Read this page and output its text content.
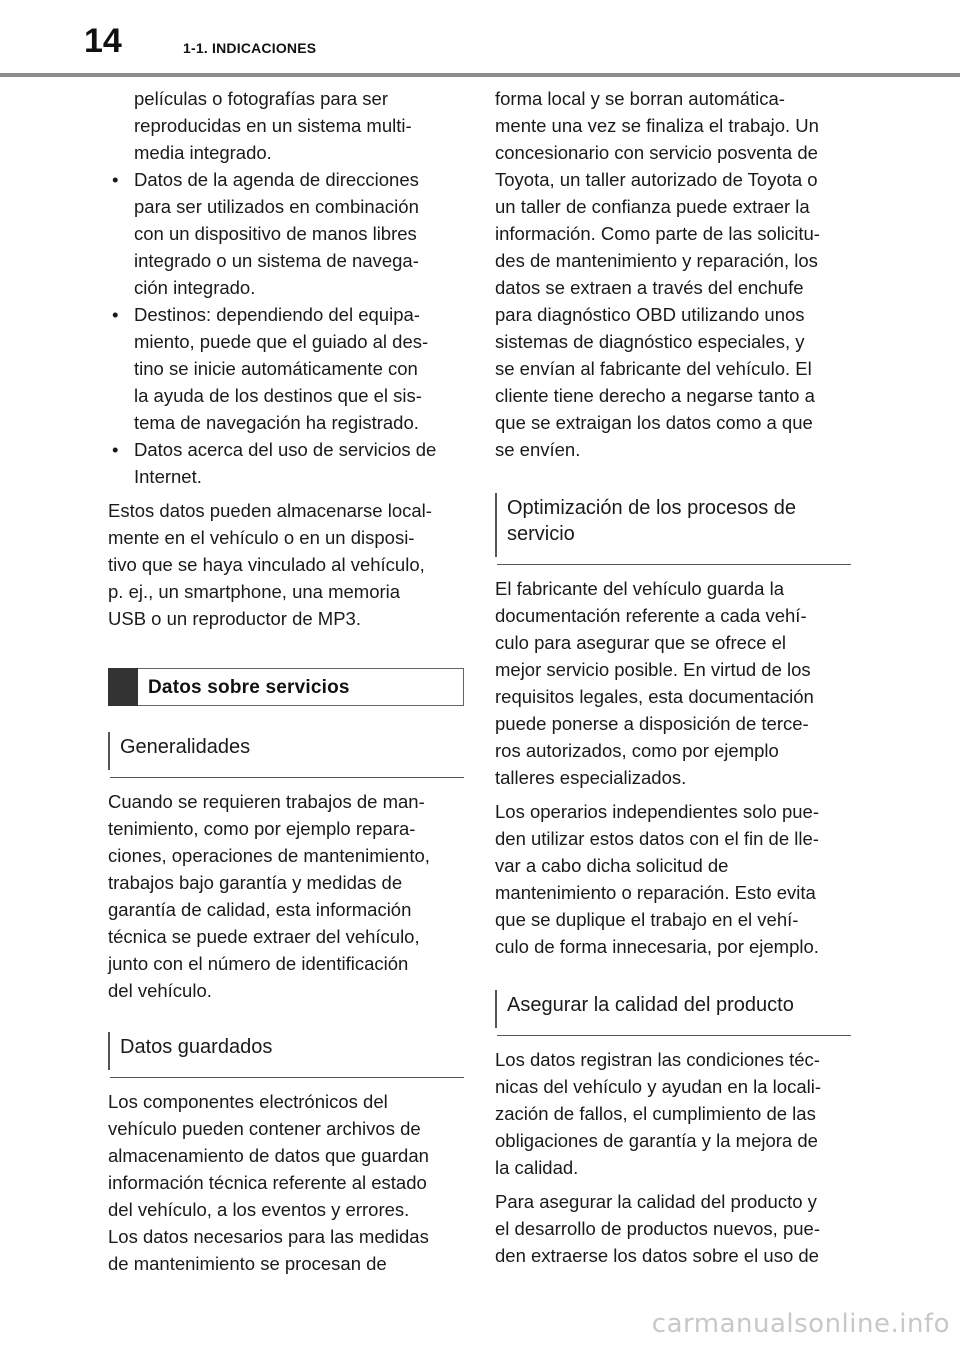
14	1-1. INDICACIONES
películas o fotografías para ser
reproducidas en un sistema multi-
media integrado.
• Datos de la agenda de direcciones
para ser utilizados en combinación
con un dispositivo de manos libres
integrado o un sistema de navega-
ción integrado.
• Destinos: dependiendo del equipa-
miento, puede que el guiado al des-
tino se inicie automáticamente con
la ayuda de los destinos que el sis-
tema de navegación ha registrado.
• Datos acerca del uso de servicios de
Internet.

Estos datos pueden almacenarse local-
mente en el vehículo o en un disposi-
tivo que se haya vinculado al vehículo,
p. ej., un smartphone, una memoria
USB o un reproductor de MP3.

Datos sobre servicios
Generalidades

Cuando se requieren trabajos de man-
tenimiento, como por ejemplo repara-
ciones, operaciones de mantenimiento,
trabajos bajo garantía y medidas de
garantía de calidad, esta información
técnica se puede extraer del vehículo,
junto con el número de identificación
del vehículo.

Datos guardados

Los componentes electrónicos del
vehículo pueden contener archivos de
almacenamiento de datos que guardan
información técnica referente al estado
del vehículo, a los eventos y errores.
Los datos necesarios para las medidas
de mantenimiento se procesan de

forma local y se borran automática-
mente una vez se finaliza el trabajo. Un
concesionario con servicio posventa de
Toyota, un taller autorizado de Toyota o
un taller de confianza puede extraer la
información. Como parte de las solicitu-
des de mantenimiento y reparación, los
datos se extraen a través del enchufe
para diagnóstico OBD utilizando unos
sistemas de diagnóstico especiales, y
se envían al fabricante del vehículo. El
cliente tiene derecho a negarse tanto a
que se extraigan los datos como a que
se envíen.

Optimización de los procesos de
servicio

El fabricante del vehículo guarda la
documentación referente a cada vehí-
culo para asegurar que se ofrece el
mejor servicio posible. En virtud de los
requisitos legales, esta documentación
puede ponerse a disposición de terce-
ros autorizados, como por ejemplo
talleres especializados.

Los operarios independientes solo pue-
den utilizar estos datos con el fin de lle-
var a cabo dicha solicitud de
mantenimiento o reparación. Esto evita
que se duplique el trabajo en el vehí-
culo de forma innecesaria, por ejemplo.

Asegurar la calidad del producto

Los datos registran las condiciones téc-
nicas del vehículo y ayudan en la locali-
zación de fallos, el cumplimiento de las
obligaciones de garantía y la mejora de
la calidad.

Para asegurar la calidad del producto y
el desarrollo de productos nuevos, pue-
den extraerse los datos sobre el uso de

carmanualsonline.info
